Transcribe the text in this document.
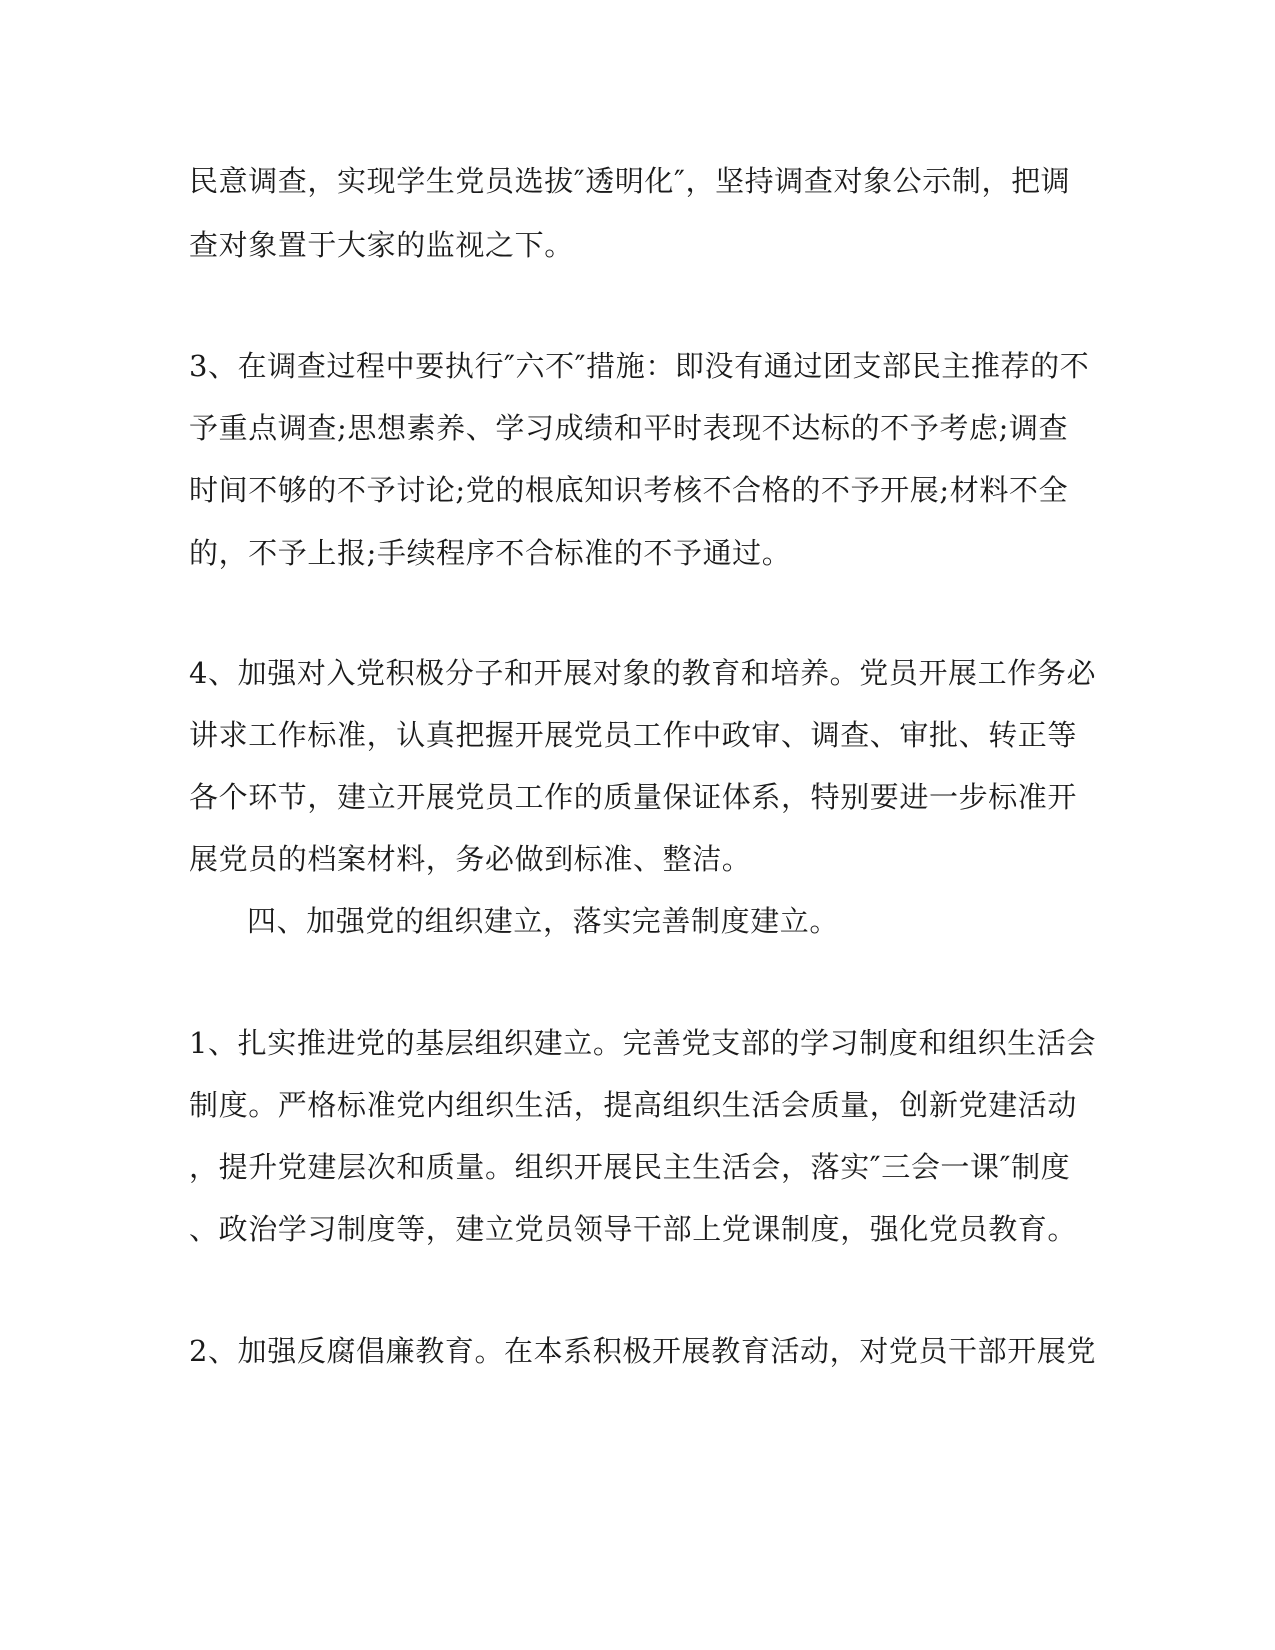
民意调查，实现学生党员选拔″透明化″，坚持调查对象公示制，把调

查对象置于大家的监视之下。

3、在调查过程中要执行″六不″措施：即没有通过团支部民主推荐的不

予重点调查;思想素养、学习成绩和平时表现不达标的不予考虑;调查

时间不够的不予讨论;党的根底知识考核不合格的不予开展;材料不全

的，不予上报;手续程序不合标准的不予通过。

4、加强对入党积极分子和开展对象的教育和培养。党员开展工作务必

讲求工作标准，认真把握开展党员工作中政审、调查、审批、转正等

各个环节，建立开展党员工作的质量保证体系，特别要进一步标准开

展党员的档案材料，务必做到标准、整洁。

四、加强党的组织建立，落实完善制度建立。

1、扎实推进党的基层组织建立。完善党支部的学习制度和组织生活会

制度。严格标准党内组织生活，提高组织生活会质量，创新党建活动

，提升党建层次和质量。组织开展民主生活会，落实″三会一课″制度

、政治学习制度等，建立党员领导干部上党课制度，强化党员教育。

2、加强反腐倡廉教育。在本系积极开展教育活动，对党员干部开展党
